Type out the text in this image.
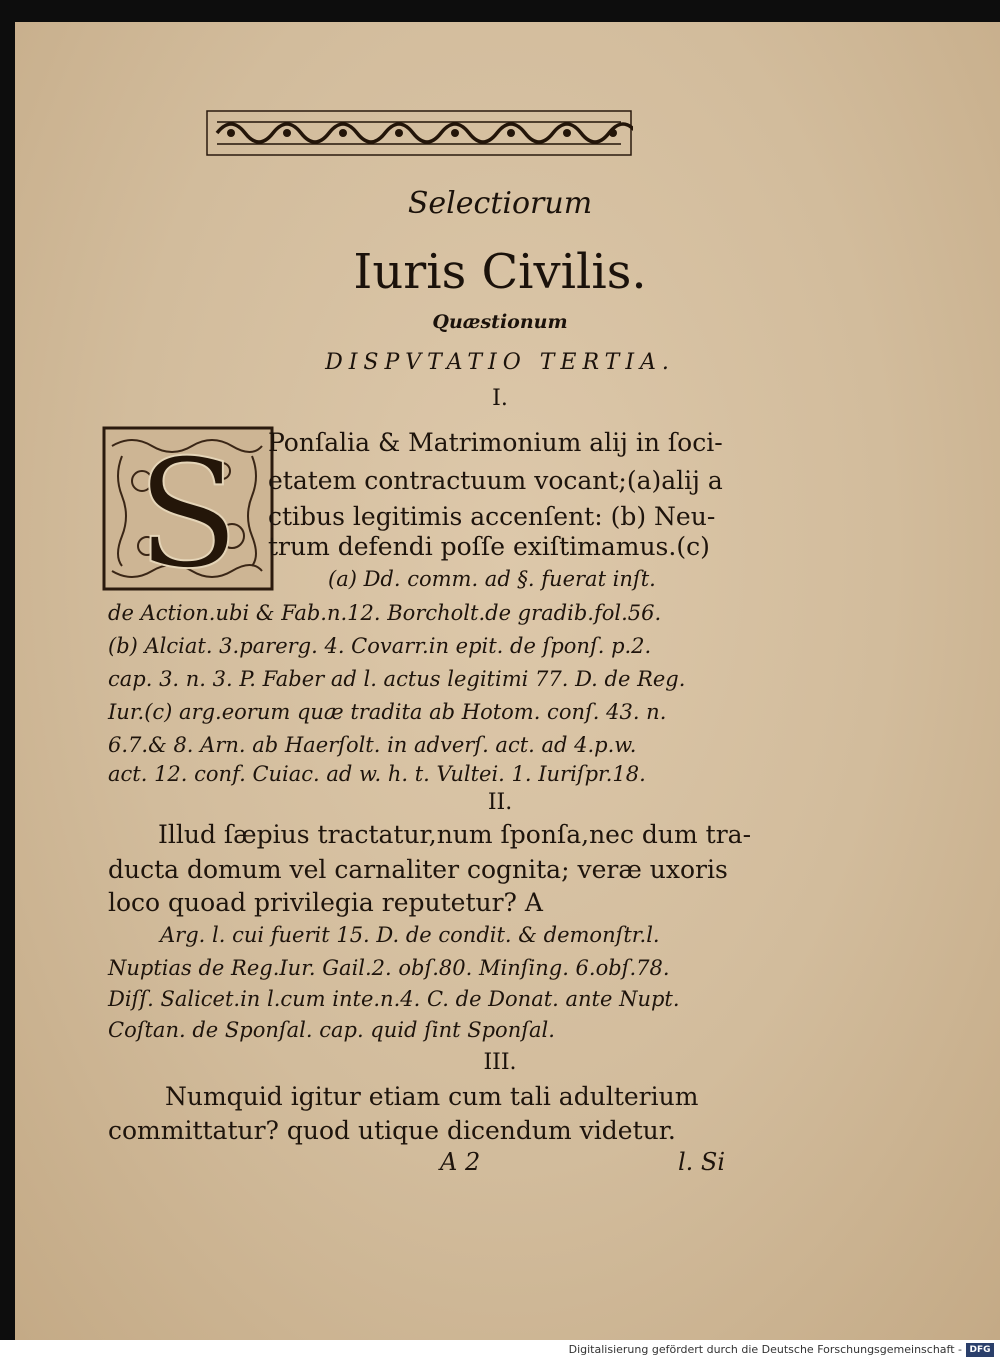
Selectiorum
Iuris Civilis.
Quæstionum
DISPVTATIO TERTIA.
I.
S Ponſalia & Matrimonium alij in ſoci-
etatem contractuum vocant;(a)alij a
ctibus legitimis accenſent: (b) Neu-
trum defendi poſſe exiſtimamus.(c)
(a) Dd. comm. ad §. fuerat inſt.
de Action.ubi & Fab.n.12. Borcholt.de gradib.fol.56.
(b) Alciat. 3.parerg. 4. Covarr.in epit. de ſponſ. p.2.
cap. 3. n. 3. P. Faber ad l. actus legitimi 77. D. de Reg.
Iur.(c) arg.eorum quæ tradita ab Hotom. conſ. 43. n.
6.7.& 8. Arn. ab Haerſolt. in adverſ. act. ad 4.p.w.
act. 12. conf. Cuiac. ad w. h. t. Vultei. 1. Iuriſpr.18.
II.
Illud ſæpius tractatur,num ſponſa,nec dum tra-
ducta domum vel carnaliter cognita; veræ uxoris
loco quoad privilegia reputetur? A
Arg. l. cui fuerit 15. D. de condit. & demonſtr.l.
Nuptias de Reg.Iur. Gail.2. obſ.80. Minſing. 6.obſ.78.
Diſſ. Salicet.in l.cum inte.n.4. C. de Donat. ante Nupt.
Coſtan. de Sponſal. cap. quid ſint Sponſal.
III.
Numquid igitur etiam cum tali adulterium
committatur? quod utique dicendum videtur.
A 2	l. Si
Digitalisierung gefördert durch die Deutsche Forschungsgemeinschaft - DFG
